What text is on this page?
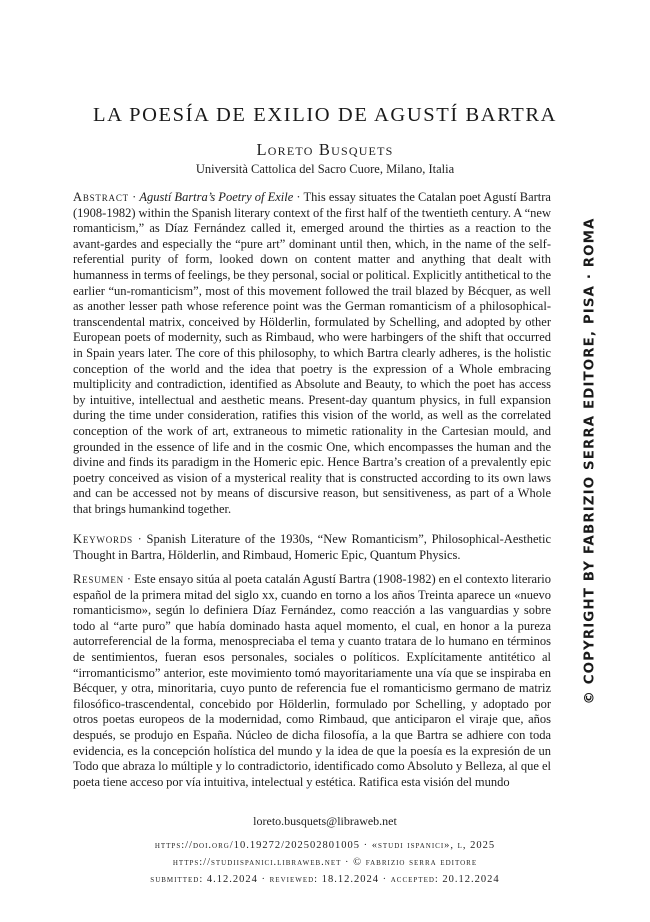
LA POESÍA DE EXILIO DE AGUSTÍ BARTRA
Loreto Busquets
Università Cattolica del Sacro Cuore, Milano, Italia
Abstract · Agustí Bartra’s Poetry of Exile · This essay situates the Catalan poet Agustí Bartra (1908-1982) within the Spanish literary context of the first half of the twentieth century. A “new romanticism,” as Díaz Fernández called it, emerged around the thirties as a reaction to the avant-gardes and especially the “pure art” dominant until then, which, in the name of the self-referential purity of form, looked down on content matter and anything that dealt with humanness in terms of feelings, be they personal, social or political. Explicitly antithetical to the earlier “un-romanticism”, most of this movement followed the trail blazed by Bécquer, as well as another lesser path whose reference point was the German romanticism of a philosophical-transcendental matrix, conceived by Hölderlin, formulated by Schelling, and adopted by other European poets of modernity, such as Rimbaud, who were harbingers of the shift that occurred in Spain years later. The core of this philosophy, to which Bartra clearly adheres, is the holistic conception of the world and the idea that poetry is the expression of a Whole embracing multiplicity and contradiction, identified as Absolute and Beauty, to which the poet has access by intuitive, intellectual and aesthetic means. Present-day quantum physics, in full expansion during the time under consideration, ratifies this vision of the world, as well as the correlated conception of the work of art, extraneous to mimetic rationality in the Cartesian mould, and grounded in the essence of life and in the cosmic One, which encompasses the human and the divine and finds its paradigm in the Homeric epic. Hence Bartra’s creation of a prevalently epic poetry conceived as vision of a mysterical reality that is constructed according to its own laws and can be accessed not by means of discursive reason, but sensitiveness, as part of a Whole that brings humankind together.
Keywords · Spanish Literature of the 1930s, “New Romanticism”, Philosophical-Aesthetic Thought in Bartra, Hölderlin, and Rimbaud, Homeric Epic, Quantum Physics.
Resumen · Este ensayo sitúa al poeta catalán Agustí Bartra (1908-1982) en el contexto literario español de la primera mitad del siglo xx, cuando en torno a los años Treinta aparece un «nuevo romanticismo», según lo definiera Díaz Fernández, como reacción a las vanguardias y sobre todo al “arte puro” que había dominado hasta aquel momento, el cual, en honor a la pureza autorreferencial de la forma, menospreciaba el tema y cuanto tratara de lo humano en términos de sentimientos, fueran esos personales, sociales o políticos. Explícitamente antitético al “irromanticismo” anterior, este movimiento tomó mayoritariamente una vía que se inspiraba en Bécquer, y otra, minoritaria, cuyo punto de referencia fue el romanticismo germano de matriz filosófico-trascendental, concebido por Hölderlin, formulado por Schelling, y adoptado por otros poetas europeos de la modernidad, como Rimbaud, que anticiparon el viraje que, años después, se produjo en España. Núcleo de dicha filosofía, a la que Bartra se adhiere con toda evidencia, es la concepción holística del mundo y la idea de que la poesía es la expresión de un Todo que abraza lo múltiple y lo contradictorio, identificado como Absoluto y Belleza, al que el poeta tiene acceso por vía intuitiva, intelectual y estética. Ratifica esta visión del mundo
loreto.busquets@libraweb.net
https://doi.org/10.19272/202502801005 · «studi ispanici», l, 2025
https://studiispanici.libraweb.net · © fabrizio serra editore
submitted: 4.12.2024 · reviewed: 18.12.2024 · accepted: 20.12.2024
© COPYRIGHT BY FABRIZIO SERRA EDITORE, PISA · ROMA
